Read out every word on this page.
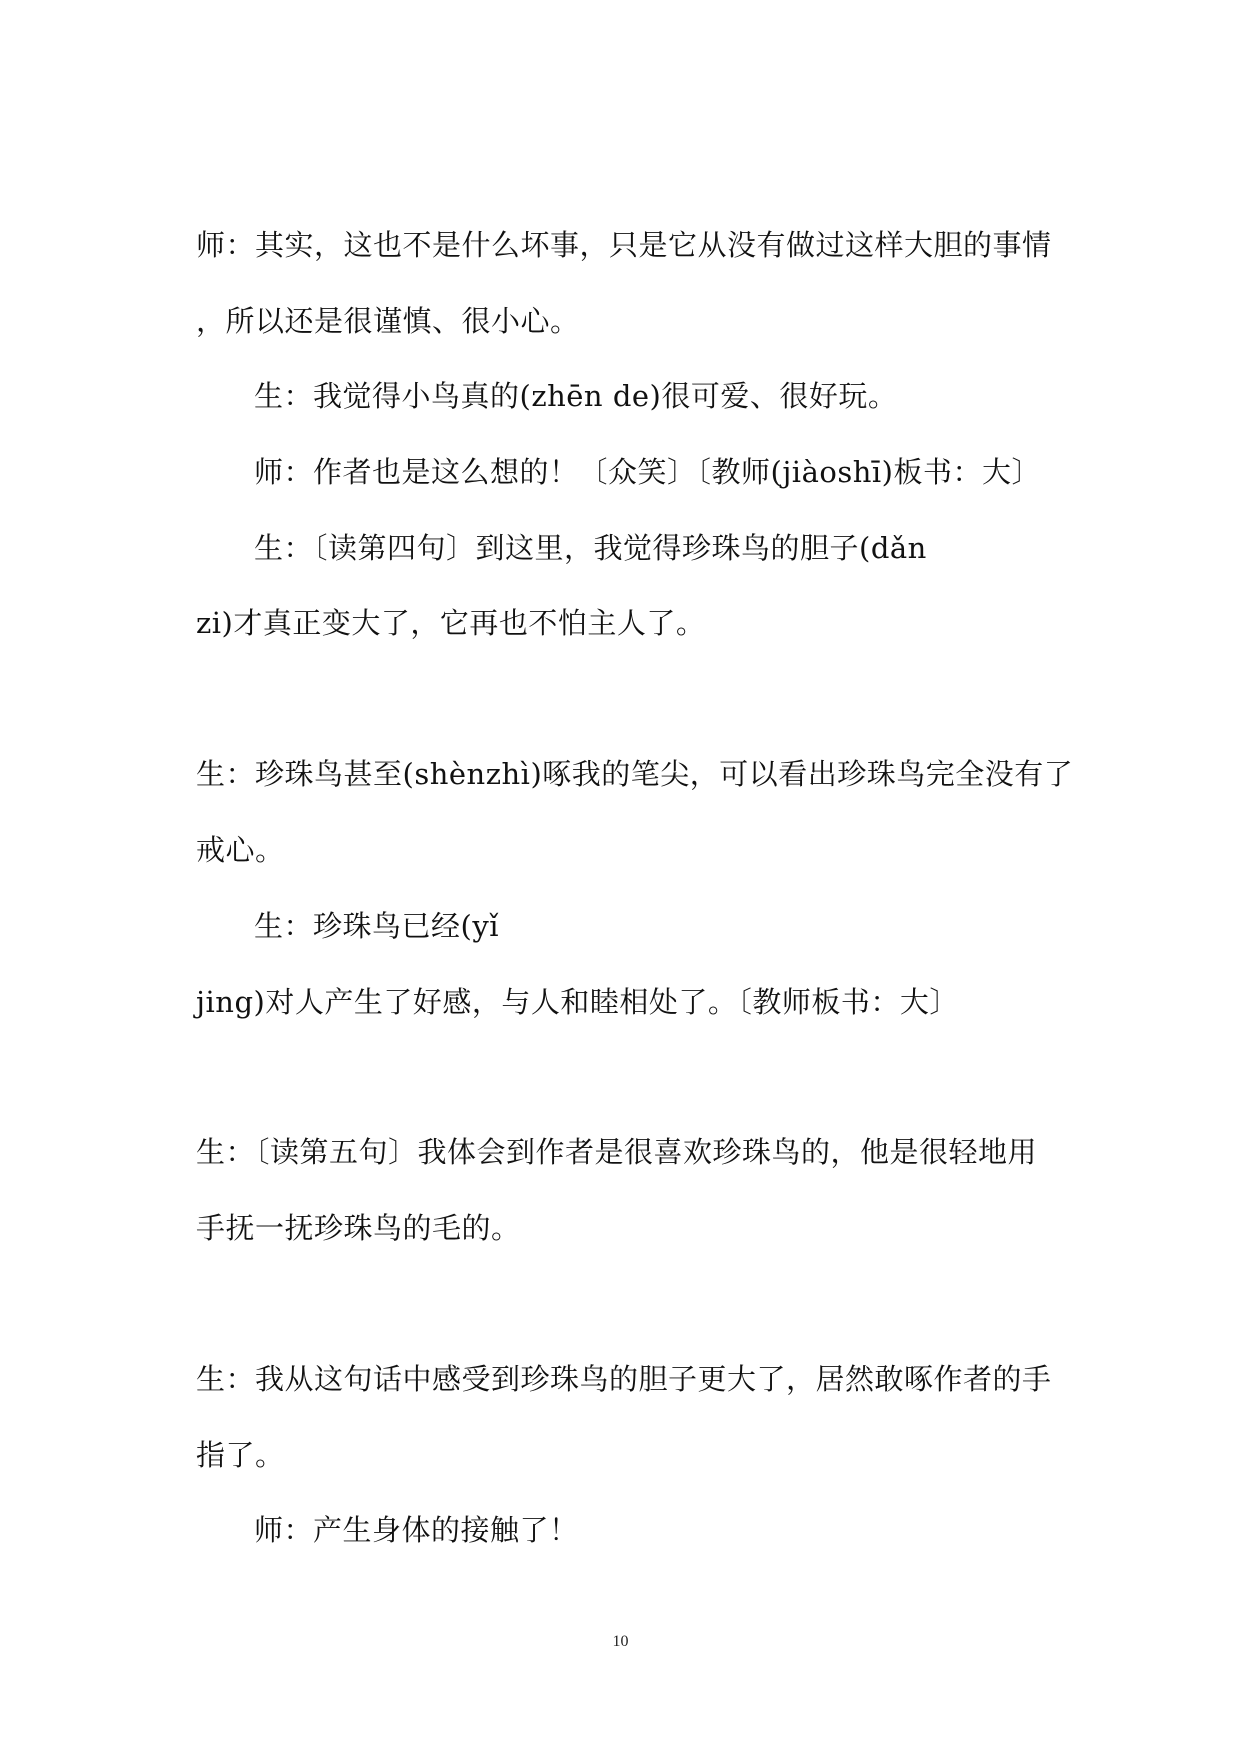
师：其实，这也不是什么坏事，只是它从没有做过这样大胆的事情
，所以还是很谨慎、很小心。
生：我觉得小鸟真的(zhēn de)很可爱、很好玩。
师：作者也是这么想的！〔众笑〕〔教师(jiàoshī)板书：大〕
生：〔读第四句〕到这里，我觉得珍珠鸟的胆子(dǎn
zi)才真正变大了，它再也不怕主人了。
生：珍珠鸟甚至(shènzhì)啄我的笔尖，可以看出珍珠鸟完全没有了
戒心。
生：珍珠鸟已经(yǐ
jing)对人产生了好感，与人和睦相处了。〔教师板书：大〕
生：〔读第五句〕我体会到作者是很喜欢珍珠鸟的，他是很轻地用
手抚一抚珍珠鸟的毛的。
生：我从这句话中感受到珍珠鸟的胆子更大了，居然敢啄作者的手
指了。
师：产生身体的接触了！
10
